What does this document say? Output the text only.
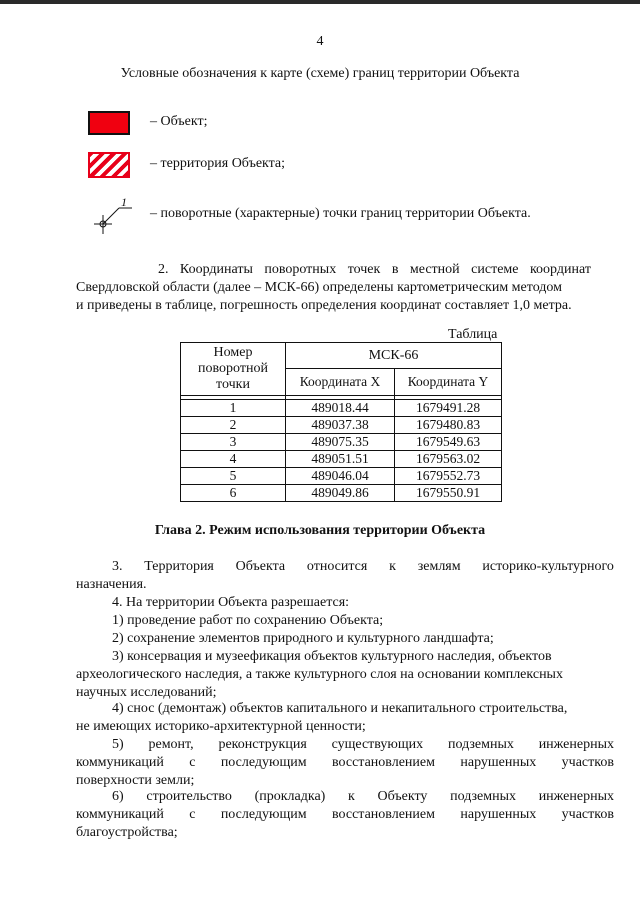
4
Условные обозначения к карте (схеме) границ территории Объекта
– Объект;
– территория Объекта;
1
– поворотные (характерные) точки границ территории Объекта.
2. Координаты поворотных точек в местной системе координат
Свердловской области (далее – МСК-66) определены картометрическим методом
и приведены в таблице, погрешность определения координат составляет 1,0 метра.
Таблица
Номер поворотной точки	МСК-66	
	Координата X	Координата Y

1	489018.44	1679491.28
2	489037.38	1679480.83
3	489075.35	1679549.63
4	489051.51	1679563.02
5	489046.04	1679552.73
6	489049.86	1679550.91
Глава 2. Режим использования территории Объекта
3. Территория Объекта относится к землям историко-культурного
назначения.
4. На территории Объекта разрешается:
1) проведение работ по сохранению Объекта;
2) сохранение элементов природного и культурного ландшафта;
3) консервация и музеефикация объектов культурного наследия, объектов
археологического наследия, а также культурного слоя на основании комплексных
научных исследований;
4) снос (демонтаж) объектов капитального и некапитального строительства,
не имеющих историко-архитектурной ценности;
5) ремонт, реконструкция существующих подземных инженерных
коммуникаций с последующим восстановлением нарушенных участков
поверхности земли;
6) строительство (прокладка) к Объекту подземных инженерных
коммуникаций с последующим восстановлением нарушенных участков
благоустройства;
